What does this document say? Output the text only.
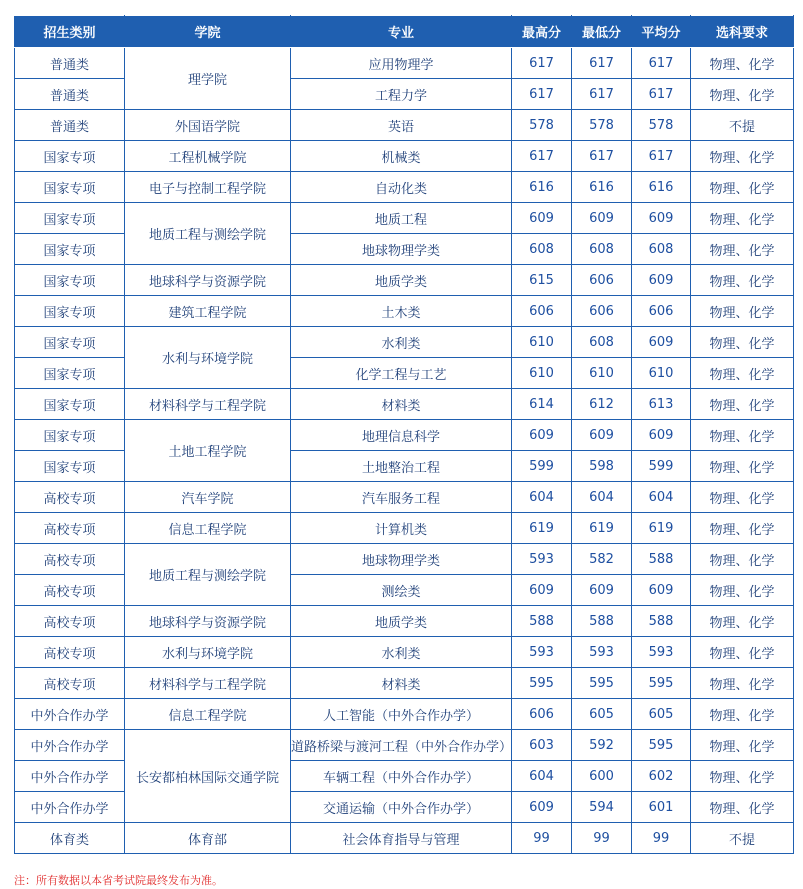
招生类别	学院	专业	最高分	最低分	平均分	选科要求
普通类	理学院	应用物理学	617	617	617	物理、化学
普通类		工程力学	617	617	617	物理、化学
普通类	外国语学院	英语	578	578	578	不提
国家专项	工程机械学院	机械类	617	617	617	物理、化学
国家专项	电子与控制工程学院	自动化类	616	616	616	物理、化学
国家专项	地质工程与测绘学院	地质工程	609	609	609	物理、化学
国家专项		地球物理学类	608	608	608	物理、化学
国家专项	地球科学与资源学院	地质学类	615	606	609	物理、化学
国家专项	建筑工程学院	土木类	606	606	606	物理、化学
国家专项	水利与环境学院	水利类	610	608	609	物理、化学
国家专项		化学工程与工艺	610	610	610	物理、化学
国家专项	材料科学与工程学院	材料类	614	612	613	物理、化学
国家专项	土地工程学院	地理信息科学	609	609	609	物理、化学
国家专项		土地整治工程	599	598	599	物理、化学
高校专项	汽车学院	汽车服务工程	604	604	604	物理、化学
高校专项	信息工程学院	计算机类	619	619	619	物理、化学
高校专项	地质工程与测绘学院	地球物理学类	593	582	588	物理、化学
高校专项		测绘类	609	609	609	物理、化学
高校专项	地球科学与资源学院	地质学类	588	588	588	物理、化学
高校专项	水利与环境学院	水利类	593	593	593	物理、化学
高校专项	材料科学与工程学院	材料类	595	595	595	物理、化学
中外合作办学	信息工程学院	人工智能（中外合作办学）	606	605	605	物理、化学
中外合作办学	长安都柏林国际交通学院	道路桥梁与渡河工程（中外合作办学）	603	592	595	物理、化学
中外合作办学		车辆工程（中外合作办学）	604	600	602	物理、化学
中外合作办学		交通运输（中外合作办学）	609	594	601	物理、化学
体育类	体育部	社会体育指导与管理	99	99	99	不提
注：所有数据以本省考试院最终发布为准。
